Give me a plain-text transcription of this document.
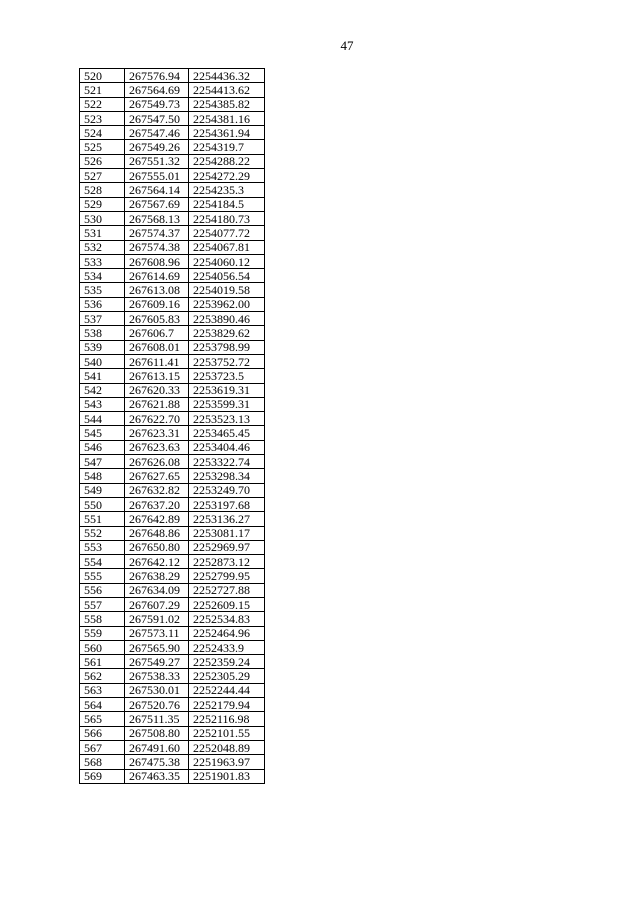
47
520	267576.94	2254436.32
521	267564.69	2254413.62
522	267549.73	2254385.82
523	267547.50	2254381.16
524	267547.46	2254361.94
525	267549.26	2254319.7
526	267551.32	2254288.22
527	267555.01	2254272.29
528	267564.14	2254235.3
529	267567.69	2254184.5
530	267568.13	2254180.73
531	267574.37	2254077.72
532	267574.38	2254067.81
533	267608.96	2254060.12
534	267614.69	2254056.54
535	267613.08	2254019.58
536	267609.16	2253962.00
537	267605.83	2253890.46
538	267606.7	2253829.62
539	267608.01	2253798.99
540	267611.41	2253752.72
541	267613.15	2253723.5
542	267620.33	2253619.31
543	267621.88	2253599.31
544	267622.70	2253523.13
545	267623.31	2253465.45
546	267623.63	2253404.46
547	267626.08	2253322.74
548	267627.65	2253298.34
549	267632.82	2253249.70
550	267637.20	2253197.68
551	267642.89	2253136.27
552	267648.86	2253081.17
553	267650.80	2252969.97
554	267642.12	2252873.12
555	267638.29	2252799.95
556	267634.09	2252727.88
557	267607.29	2252609.15
558	267591.02	2252534.83
559	267573.11	2252464.96
560	267565.90	2252433.9
561	267549.27	2252359.24
562	267538.33	2252305.29
563	267530.01	2252244.44
564	267520.76	2252179.94
565	267511.35	2252116.98
566	267508.80	2252101.55
567	267491.60	2252048.89
568	267475.38	2251963.97
569	267463.35	2251901.83
